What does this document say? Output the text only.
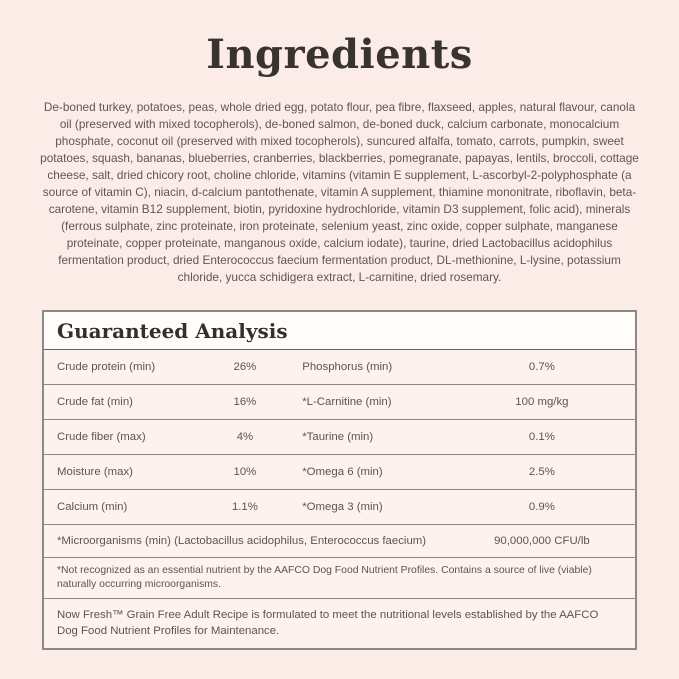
Ingredients

De-boned turkey, potatoes, peas, whole dried egg, potato flour, pea fibre, flaxseed, apples, natural flavour, canola oil (preserved with mixed tocopherols), de-boned salmon, de-boned duck, calcium carbonate, monocalcium phosphate, coconut oil (preserved with mixed tocopherols), suncured alfalfa, tomato, carrots, pumpkin, sweet potatoes, squash, bananas, blueberries, cranberries, blackberries, pomegranate, papayas, lentils, broccoli, cottage cheese, salt, dried chicory root, choline chloride, vitamins (vitamin E supplement, L-ascorbyl-2-polyphosphate (a source of vitamin C), niacin, d-calcium pantothenate, vitamin A supplement, thiamine mononitrate, riboflavin, beta-carotene, vitamin B12 supplement, biotin, pyridoxine hydrochloride, vitamin D3 supplement, folic acid), minerals (ferrous sulphate, zinc proteinate, iron proteinate, selenium yeast, zinc oxide, copper sulphate, manganese proteinate, copper proteinate, manganous oxide, calcium iodate), taurine, dried Lactobacillus acidophilus fermentation product, dried Enterococcus faecium fermentation product, DL-methionine, L-lysine, potassium chloride, yucca schidigera extract, L-carnitine, dried rosemary.

Guaranteed Analysis
Crude protein (min)	26%	Phosphorus (min)	0.7%
Crude fat (min)	16%	*L-Carnitine (min)	100 mg/kg
Crude fiber (max)	4%	*Taurine (min)	0.1%
Moisture (max)	10%	*Omega 6 (min)	2.5%
Calcium (min)	1.1%	*Omega 3 (min)	0.9%
*Microorganisms (min) (Lactobacillus acidophilus, Enterococcus faecium)	90,000,000 CFU/lb
*Not recognized as an essential nutrient by the AAFCO Dog Food Nutrient Profiles. Contains a source of live (viable) naturally occurring microorganisms.
Now Fresh™ Grain Free Adult Recipe is formulated to meet the nutritional levels established by the AAFCO Dog Food Nutrient Profiles for Maintenance.
